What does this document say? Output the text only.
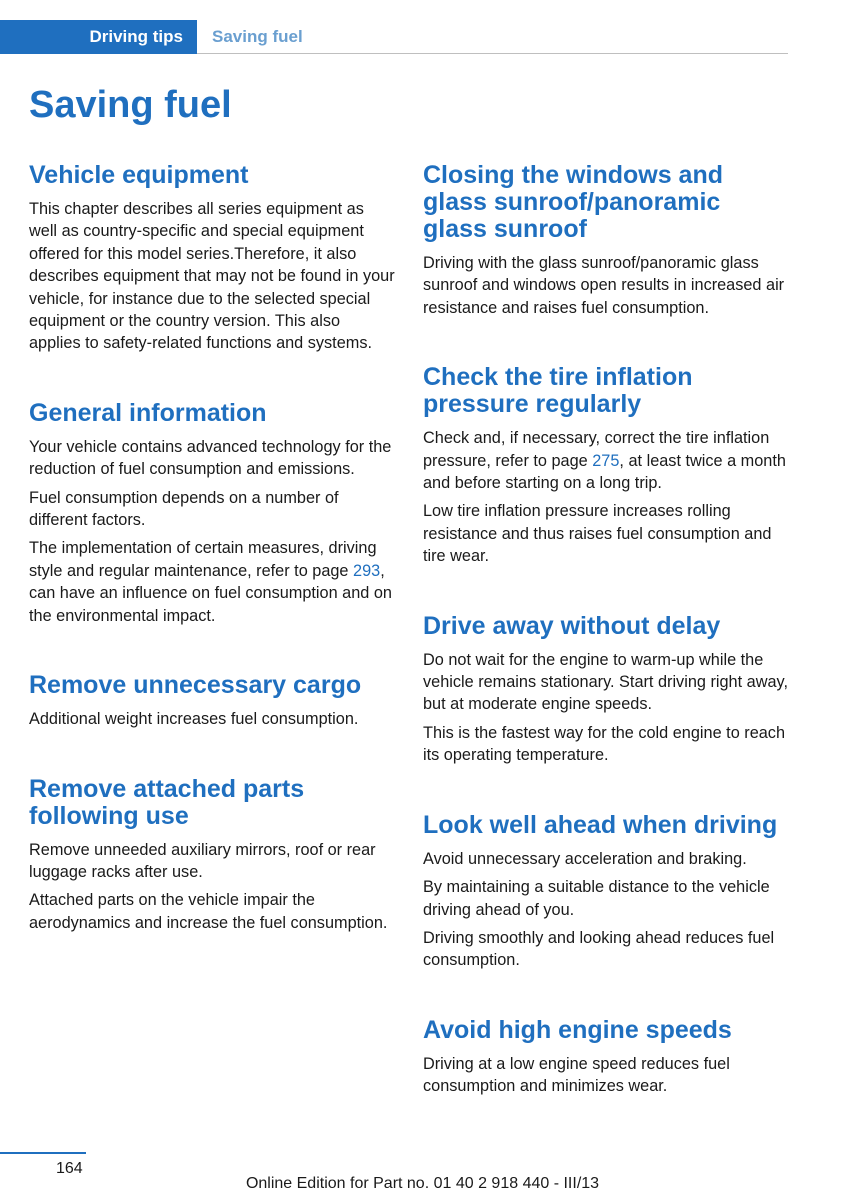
Driving tips Saving fuel
Saving fuel
Vehicle equipment

This chapter describes all series equipment as well as country-specific and special equipment offered for this model series.Therefore, it also describes equipment that may not be found in your vehicle, for instance due to the selected special equipment or the country version. This also applies to safety-related functions and systems.

General information

Your vehicle contains advanced technology for the reduction of fuel consumption and emissions.

Fuel consumption depends on a number of different factors.

The implementation of certain measures, driving style and regular maintenance, refer to page 293, can have an influence on fuel consumption and on the environmental impact.

Remove unnecessary cargo

Additional weight increases fuel consumption.

Remove attached parts following use

Remove unneeded auxiliary mirrors, roof or rear luggage racks after use.

Attached parts on the vehicle impair the aerodynamics and increase the fuel consumption.

Closing the windows and glass sunroof/panoramic glass sunroof

Driving with the glass sunroof/panoramic glass sunroof and windows open results in increased air resistance and raises fuel consumption.

Check the tire inflation pressure regularly

Check and, if necessary, correct the tire inflation pressure, refer to page 275, at least twice a month and before starting on a long trip.

Low tire inflation pressure increases rolling resistance and thus raises fuel consumption and tire wear.

Drive away without delay

Do not wait for the engine to warm-up while the vehicle remains stationary. Start driving right away, but at moderate engine speeds.

This is the fastest way for the cold engine to reach its operating temperature.

Look well ahead when driving

Avoid unnecessary acceleration and braking.

By maintaining a suitable distance to the vehicle driving ahead of you.

Driving smoothly and looking ahead reduces fuel consumption.

Avoid high engine speeds

Driving at a low engine speed reduces fuel consumption and minimizes wear.

164
Online Edition for Part no. 01 40 2 918 440 - III/13
